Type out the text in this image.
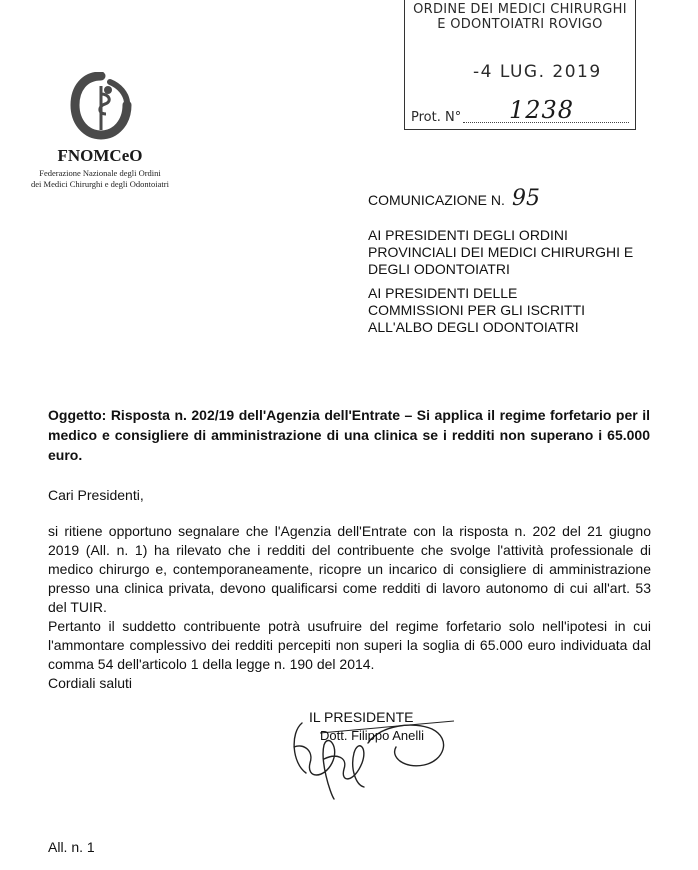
ORDINE DEI MEDICI CHIRURGHI
E ODONTOIATRI ROVIGO
-4 LUG. 2019
Prot. N° 1238
FNOMCeO
Federazione Nazionale degli Ordini
dei Medici Chirurghi e degli Odontoiatri
COMUNICAZIONE N. 95
AI PRESIDENTI DEGLI ORDINI
PROVINCIALI DEI MEDICI CHIRURGHI E
DEGLI ODONTOIATRI
AI PRESIDENTI DELLE
COMMISSIONI PER GLI ISCRITTI
ALL'ALBO DEGLI ODONTOIATRI
Oggetto: Risposta n. 202/19 dell'Agenzia dell'Entrate – Si applica il regime forfetario per il medico e consigliere di amministrazione di una clinica se i redditi non superano i 65.000 euro.
Cari Presidenti,

si ritiene opportuno segnalare che l'Agenzia dell'Entrate con la risposta n. 202 del 21 giugno 2019 (All. n. 1) ha rilevato che i redditi del contribuente che svolge l'attività professionale di medico chirurgo e, contemporaneamente, ricopre un incarico di consigliere di amministrazione presso una clinica privata, devono qualificarsi come redditi di lavoro autonomo di cui all'art. 53 del TUIR.

Pertanto il suddetto contribuente potrà usufruire del regime forfetario solo nell'ipotesi in cui l'ammontare complessivo dei redditi percepiti non superi la soglia di 65.000 euro individuata dal comma 54 dell'articolo 1 della legge n. 190 del 2014.

Cordiali saluti

IL PRESIDENTE
Dott. Filippo Anelli
All. n. 1
